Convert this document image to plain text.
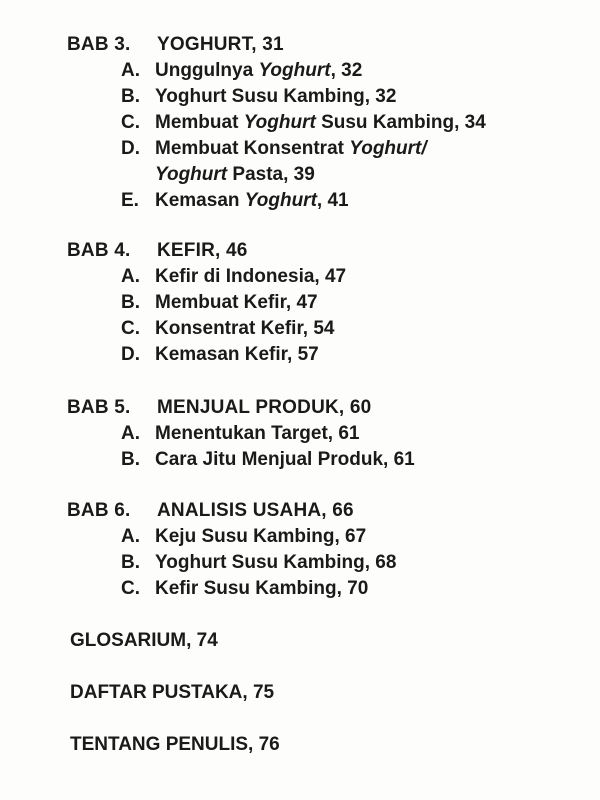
BAB 3. YOGHURT, 31
A. Unggulnya Yoghurt, 32
B. Yoghurt Susu Kambing, 32
C. Membuat Yoghurt Susu Kambing, 34
D. Membuat Konsentrat Yoghurt/
Yoghurt Pasta, 39
E. Kemasan Yoghurt, 41
BAB 4. KEFIR, 46
A. Kefir di Indonesia, 47
B. Membuat Kefir, 47
C. Konsentrat Kefir, 54
D. Kemasan Kefir, 57
BAB 5. MENJUAL PRODUK, 60
A. Menentukan Target, 61
B. Cara Jitu Menjual Produk, 61
BAB 6. ANALISIS USAHA, 66
A. Keju Susu Kambing, 67
B. Yoghurt Susu Kambing, 68
C. Kefir Susu Kambing, 70
GLOSARIUM, 74
DAFTAR PUSTAKA, 75
TENTANG PENULIS, 76
